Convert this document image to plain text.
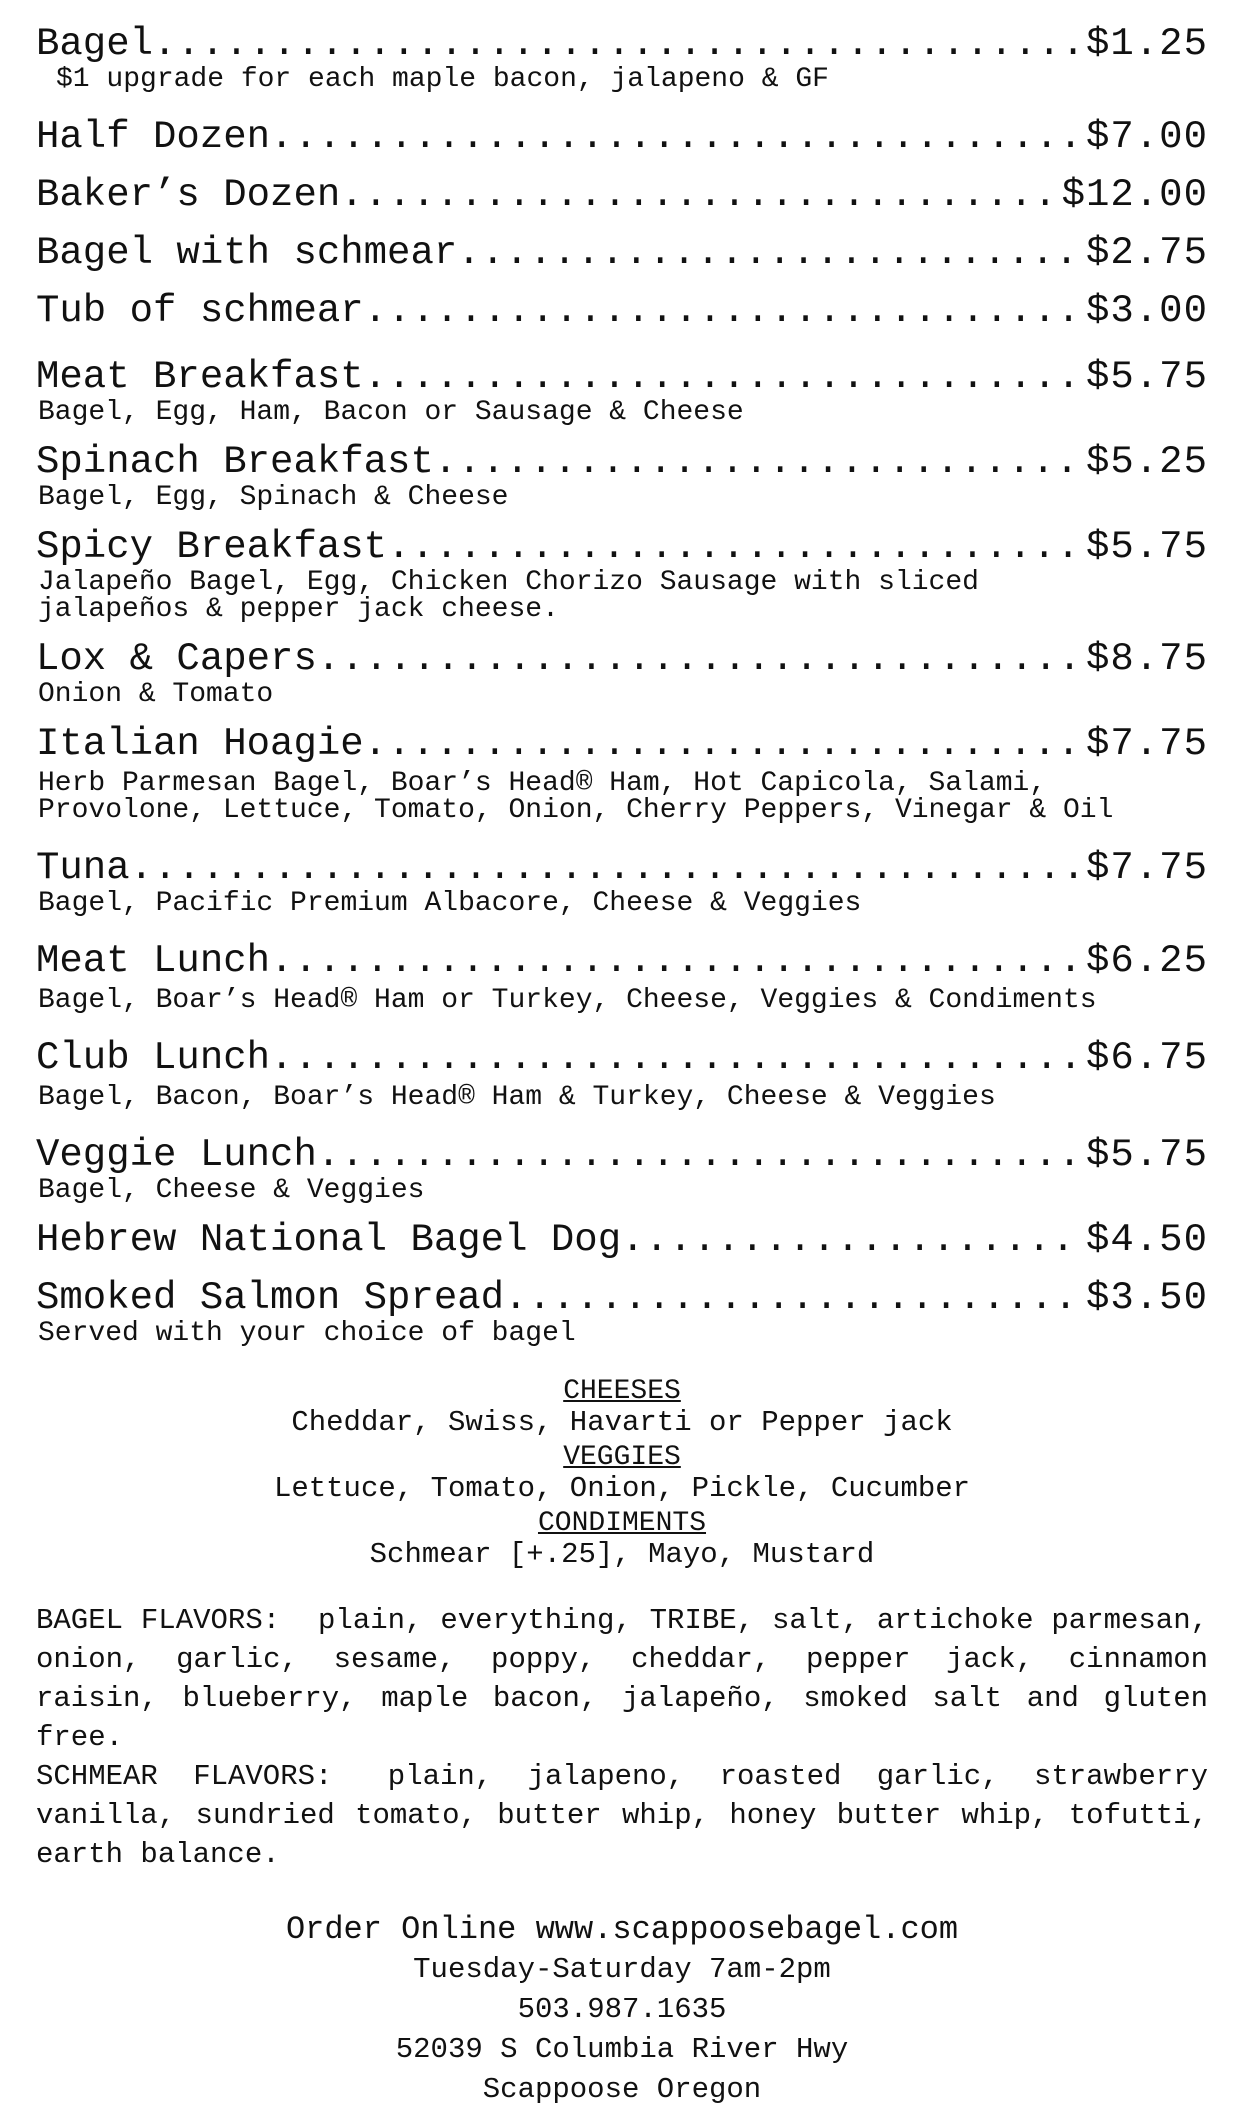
Bagel .....	$1.25
$1 upgrade for each maple bacon, jalapeno & GF
Half Dozen .....	$7.00
Baker’s Dozen .....	$12.00
Bagel with schmear .....	$2.75
Tub of schmear .....	$3.00
Meat Breakfast .....	$5.75
Bagel, Egg, Ham, Bacon or Sausage & Cheese
Spinach Breakfast .....	$5.25
Bagel, Egg, Spinach & Cheese
Spicy Breakfast .....	$5.75
Jalapeño Bagel, Egg, Chicken Chorizo Sausage with sliced
jalapeños & pepper jack cheese.
Lox & Capers .....	$8.75
Onion & Tomato
Italian Hoagie .....	$7.75
Herb Parmesan Bagel, Boar’s Head® Ham, Hot Capicola, Salami,
Provolone, Lettuce, Tomato, Onion, Cherry Peppers, Vinegar & Oil
Tuna .....	$7.75
Bagel, Pacific Premium Albacore, Cheese & Veggies
Meat Lunch .....	$6.25
Bagel, Boar’s Head® Ham or Turkey, Cheese, Veggies & Condiments
Club Lunch .....	$6.75
Bagel, Bacon, Boar’s Head® Ham & Turkey, Cheese & Veggies
Veggie Lunch .....	$5.75
Bagel, Cheese & Veggies
Hebrew National Bagel Dog .....	$4.50
Smoked Salmon Spread .....	$3.50
Served with your choice of bagel
CHEESES
Cheddar, Swiss, Havarti or Pepper jack
VEGGIES
Lettuce, Tomato, Onion, Pickle, Cucumber
CONDIMENTS
Schmear [+.25], Mayo, Mustard
BAGEL FLAVORS: plain, everything, TRIBE, salt, artichoke parmesan, onion, garlic, sesame, poppy, cheddar, pepper jack, cinnamon raisin, blueberry, maple bacon, jalapeño, smoked salt and gluten free.
SCHMEAR FLAVORS: plain, jalapeno, roasted garlic, strawberry vanilla, sundried tomato, butter whip, honey butter whip, tofutti, earth balance.
Order Online www.scappoosebagel.com
Tuesday-Saturday 7am-2pm
503.987.1635
52039 S Columbia River Hwy
Scappoose Oregon
